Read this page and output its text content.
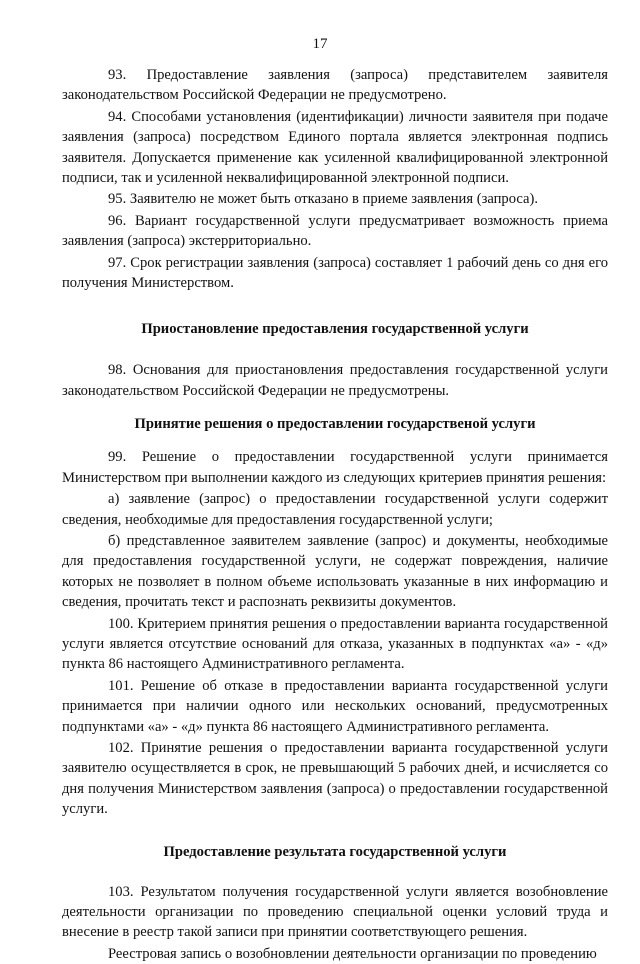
17

93. Предоставление заявления (запроса) представителем заявителя законодательством Российской Федерации не предусмотрено.

94. Способами установления (идентификации) личности заявителя при подаче заявления (запроса) посредством Единого портала является электронная подпись заявителя. Допускается применение как усиленной квалифицированной электронной подписи, так и усиленной неквалифицированной электронной подписи.

95. Заявителю не может быть отказано в приеме заявления (запроса).

96. Вариант государственной услуги предусматривает возможность приема заявления (запроса) экстерриториально.

97. Срок регистрации заявления (запроса) составляет 1 рабочий день со дня его получения Министерством.

Приостановление предоставления государственной услуги

98. Основания для приостановления предоставления государственной услуги законодательством Российской Федерации не предусмотрены.

Принятие решения о предоставлении государственой услуги

99. Решение о предоставлении государственной услуги принимается Министерством при выполнении каждого из следующих критериев принятия решения:

а) заявление (запрос) о предоставлении государственной услуги содержит сведения, необходимые для предоставления государственной услуги;

б) представленное заявителем заявление (запрос) и документы, необходимые для предоставления государственной услуги, не содержат повреждения, наличие которых не позволяет в полном объеме использовать указанные в них информацию и сведения, прочитать текст и распознать реквизиты документов.

100. Критерием принятия решения о предоставлении варианта государственной услуги является отсутствие оснований для отказа, указанных в подпунктах «а» - «д» пункта 86 настоящего Административного регламента.

101. Решение об отказе в предоставлении варианта государственной услуги принимается при наличии одного или нескольких оснований, предусмотренных подпунктами «а» - «д» пункта 86 настоящего Административного регламента.

102. Принятие решения о предоставлении варианта государственной услуги заявителю осуществляется в срок, не превышающий 5 рабочих дней, и исчисляется со дня получения Министерством заявления (запроса) о предоставлении государственной услуги.

Предоставление результата государственной услуги

103. Результатом получения государственной услуги является возобновление деятельности организации по проведению специальной оценки условий труда и внесение в реестр такой записи при принятии соответствующего решения.

Реестровая запись о возобновлении деятельности организации по проведению
